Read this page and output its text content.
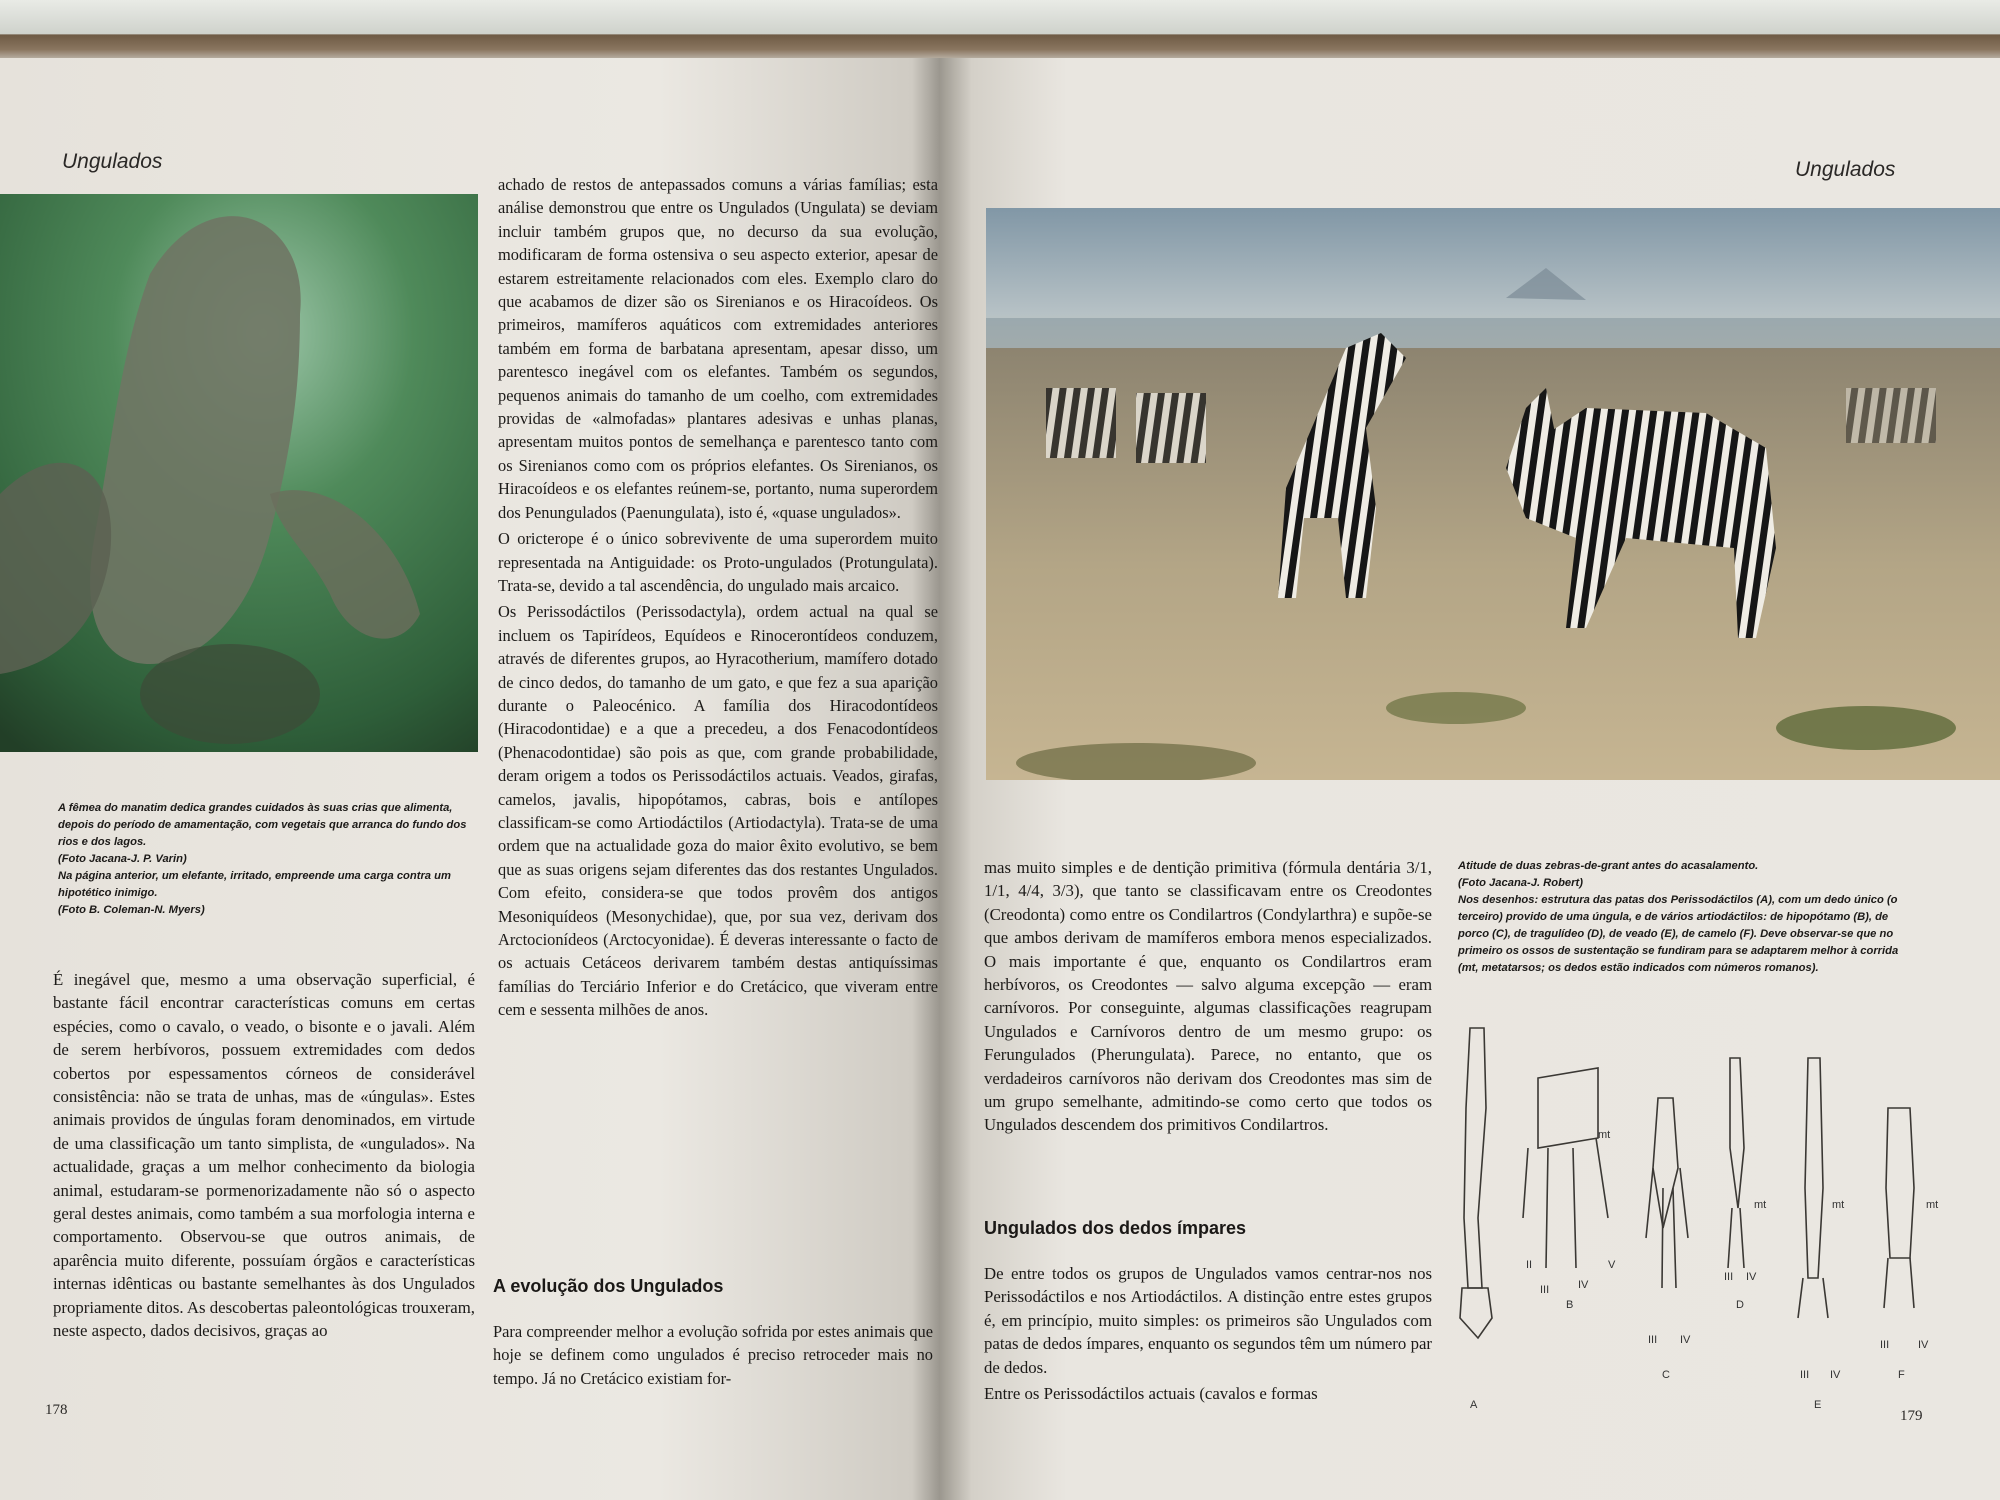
Ungulados

A fêmea do manatim dedica grandes cuidados às suas crias que alimenta, depois do período de amamentação, com vegetais que arranca do fundo dos rios e dos lagos.

(Foto Jacana-J. P. Varin)

Na página anterior, um elefante, irritado, empreende uma carga contra um hipotético inimigo.

(Foto B. Coleman-N. Myers)

É inegável que, mesmo a uma observação superficial, é bastante fácil encontrar características comuns em certas espécies, como o cavalo, o veado, o bisonte e o javali. Além de serem herbívoros, possuem extremidades com dedos cobertos por espessamentos córneos de considerável consistência: não se trata de unhas, mas de «úngulas». Estes animais providos de úngulas foram denominados, em virtude de uma classificação um tanto simplista, de «ungulados». Na actualidade, graças a um melhor conhecimento da biologia animal, estudaram-se pormenorizadamente não só o aspecto geral destes animais, como também a sua morfologia interna e comportamento. Observou-se que outros animais, de aparência muito diferente, possuíam órgãos e características internas idênticas ou bastante semelhantes às dos Ungulados propriamente ditos. As descobertas paleontológicas trouxeram, neste aspecto, dados decisivos, graças ao

achado de restos de antepassados comuns a várias famílias; esta análise demonstrou que entre os Ungulados (Ungulata) se deviam incluir também grupos que, no decurso da sua evolução, modificaram de forma ostensiva o seu aspecto exterior, apesar de estarem estreitamente relacionados com eles. Exemplo claro do que acabamos de dizer são os Sirenianos e os Hiracoídeos. Os primeiros, mamíferos aquáticos com extremidades anteriores também em forma de barbatana apresentam, apesar disso, um parentesco inegável com os elefantes. Também os segundos, pequenos animais do tamanho de um coelho, com extremidades providas de «almofadas» plantares adesivas e unhas planas, apresentam muitos pontos de semelhança e parentesco tanto com os Sirenianos como com os próprios elefantes. Os Sirenianos, os Hiracoídeos e os elefantes reúnem-se, portanto, numa superordem dos Penungulados (Paenungulata), isto é, «quase ungulados».

O oricterope é o único sobrevivente de uma superordem muito representada na Antiguidade: os Proto-ungulados (Protungulata). Trata-se, devido a tal ascendência, do ungulado mais arcaico.

Os Perissodáctilos (Perissodactyla), ordem actual na qual se incluem os Tapirídeos, Equídeos e Rinocerontídeos conduzem, através de diferentes grupos, ao Hyracotherium, mamífero dotado de cinco dedos, do tamanho de um gato, e que fez a sua aparição durante o Paleocénico. A família dos Hiracodontídeos (Hiracodontidae) e a que a precedeu, a dos Fenacodontídeos (Phenacodontidae) são pois as que, com grande probabilidade, deram origem a todos os Perissodáctilos actuais. Veados, girafas, camelos, javalis, hipopótamos, cabras, bois e antílopes classificam-se como Artiodáctilos (Artiodactyla). Trata-se de uma ordem que na actualidade goza do maior êxito evolutivo, se bem que as suas origens sejam diferentes das dos restantes Ungulados. Com efeito, considera-se que todos provêm dos antigos Mesoniquídeos (Mesonychidae), que, por sua vez, derivam dos Arctocionídeos (Arctocyonidae). É deveras interessante o facto de os actuais Cetáceos derivarem também destas antiquíssimas famílias do Terciário Inferior e do Cretácico, que viveram entre cem e sessenta milhões de anos.

A evolução dos Ungulados

Para compreender melhor a evolução sofrida por estes animais que hoje se definem como ungulados é preciso retroceder mais no tempo. Já no Cretácico existiam for-

178
Ungulados

mas muito simples e de dentição primitiva (fórmula dentária 3/1, 1/1, 4/4, 3/3), que tanto se classificavam entre os Creodontes (Creodonta) como entre os Condilartros (Condylarthra) e supõe-se que ambos derivam de mamíferos embora menos especializados. O mais importante é que, enquanto os Condilartros eram herbívoros, os Creodontes — salvo alguma excepção — eram carnívoros. Por conseguinte, algumas classificações reagrupam Ungulados e Carnívoros dentro de um mesmo grupo: os Ferungulados (Pherungulata). Parece, no entanto, que os verdadeiros carnívoros não derivam dos Creodontes mas sim de um grupo semelhante, admitindo-se como certo que todos os Ungulados descendem dos primitivos Condilartros.

Ungulados dos dedos ímpares

De entre todos os grupos de Ungulados vamos centrar-nos nos Perissodáctilos e nos Artiodáctilos. A distinção entre estes grupos é, em princípio, muito simples: os primeiros são Ungulados com patas de dedos ímpares, enquanto os segundos têm um número par de dedos.

Entre os Perissodáctilos actuais (cavalos e formas

Atitude de duas zebras-de-grant antes do acasalamento.

(Foto Jacana-J. Robert)

Nos desenhos: estrutura das patas dos Perissodáctilos (A), com um dedo único (o terceiro) provido de uma úngula, e de vários artiodáctilos: de hipopótamo (B), de porco (C), de tragulídeo (D), de veado (E), de camelo (F). Deve observar-se que no primeiro os ossos de sustentação se fundiram para se adaptarem melhor à corrida (mt, metatarsos; os dedos estão indicados com números romanos).

A
B
C
D
E
F
mt
mt	mt	mt
II
III	IV
V
III IV
III IV
III IV
III	IV
179
